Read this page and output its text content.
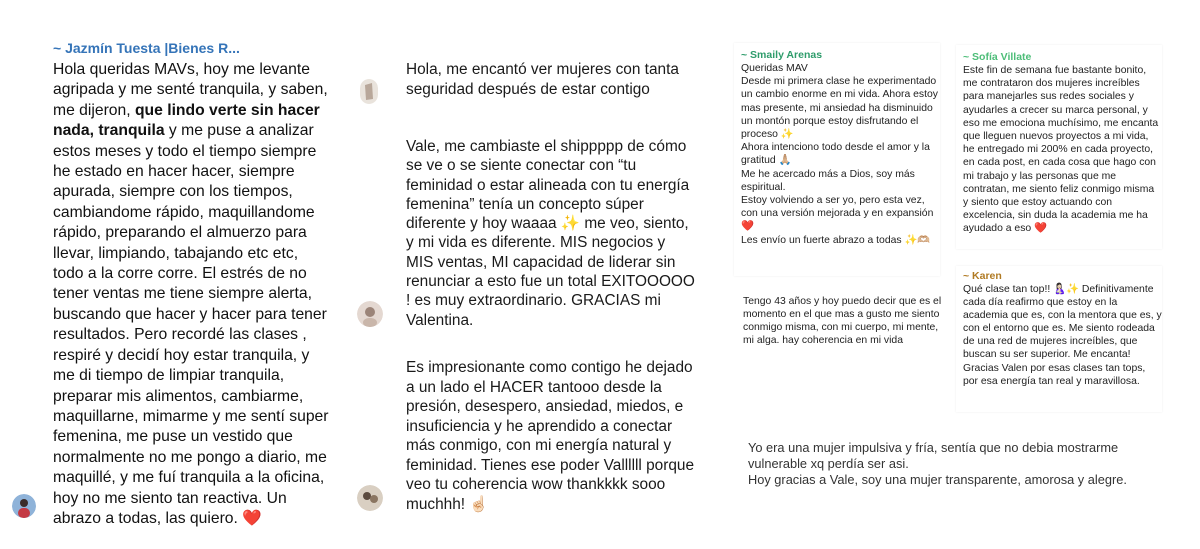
~ Jazmín Tuesta |Bienes R...
Hola queridas MAVs, hoy me levante agripada y me senté tranquila, y saben, me dijeron, que lindo verte sin hacer nada, tranquila y me puse a analizar estos meses y todo el tiempo siempre he estado en hacer hacer, siempre apurada, siempre con los tiempos, cambiandome rápido, maquillandome rápido, preparando el almuerzo para llevar, limpiando, tabajando etc etc, todo a la corre corre. El estrés de no tener ventas me tiene siempre alerta, buscando que hacer y hacer para tener resultados. Pero recordé las clases , respiré y decidí hoy estar tranquila, y me di tiempo de limpiar tranquila, preparar mis alimentos, cambiarme, maquillarne, mimarme y me sentí super femenina, me puse un vestido que normalmente no me pongo a diario, me maquillé, y me fuí tranquila a la oficina, hoy no me siento tan reactiva. Un abrazo a todas, las quiero. ❤️
Hola, me encantó ver mujeres con tanta seguridad después de estar contigo
Vale, me cambiaste el shippppp de cómo se ve o se siente conectar con “tu feminidad o estar alineada con tu energía femenina” tenía un concepto súper diferente y hoy waaaa ✨ me veo, siento, y mi vida es diferente. MIS negocios y MIS ventas, MI capacidad de liderar sin renunciar a esto fue un total EXITOOOOO ! es muy extraordinario. GRACIAS mi Valentina.
Es impresionante como contigo he dejado a un lado el HACER tantooo desde la presión, desespero, ansiedad, miedos, e insuficiencia y he aprendido a conectar más conmigo, con mi energía natural y feminidad. Tienes ese poder Vallllll porque veo tu coherencia wow thankkkk sooo muchhh! ☝🏻
~ Smaily Arenas
Queridas MAV
Desde mi primera clase he experimentado un cambio enorme en mi vida. Ahora estoy mas presente, mi ansiedad ha disminuido un montón porque estoy disfrutando el proceso ✨
Ahora intenciono todo desde el amor y la gratitud 🙏🏼
Me he acercado más a Dios, soy más espiritual.
Estoy volviendo a ser yo, pero esta vez, con una versión mejorada y en expansión ❤️
Les envío un fuerte abrazo a todas ✨🫶🏼
Tengo 43 años y hoy puedo decir que es el momento en el que mas a gusto me siento conmigo misma, con mi cuerpo, mi mente, mi alga. hay coherencia en mi vida
Yo era una mujer impulsiva y fría, sentía que no debia mostrarme vulnerable xq perdía ser asi.
Hoy gracias a Vale, soy una mujer transparente, amorosa y alegre.
~ Sofía Villate
Este fin de semana fue bastante bonito, me contrataron dos mujeres increíbles para manejarles sus redes sociales y ayudarles a crecer su marca personal, y eso me emociona muchísimo, me encanta que lleguen nuevos proyectos a mi vida, he entregado mi 200% en cada proyecto, en cada post, en cada cosa que hago con mi trabajo y las personas que me contratan, me siento feliz conmigo misma y siento que estoy actuando con excelencia, sin duda la academia me ha ayudado a eso ❤️
~ Karen
Qué clase tan top!! 🤱🏻✨ Definitivamente cada día reafirmo que estoy en la academia que es, con la mentora que es, y con el entorno que es. Me siento rodeada de una red de mujeres increíbles, que buscan su ser superior. Me encanta! Gracias Valen por esas clases tan tops, por esa energía tan real y maravillosa.
